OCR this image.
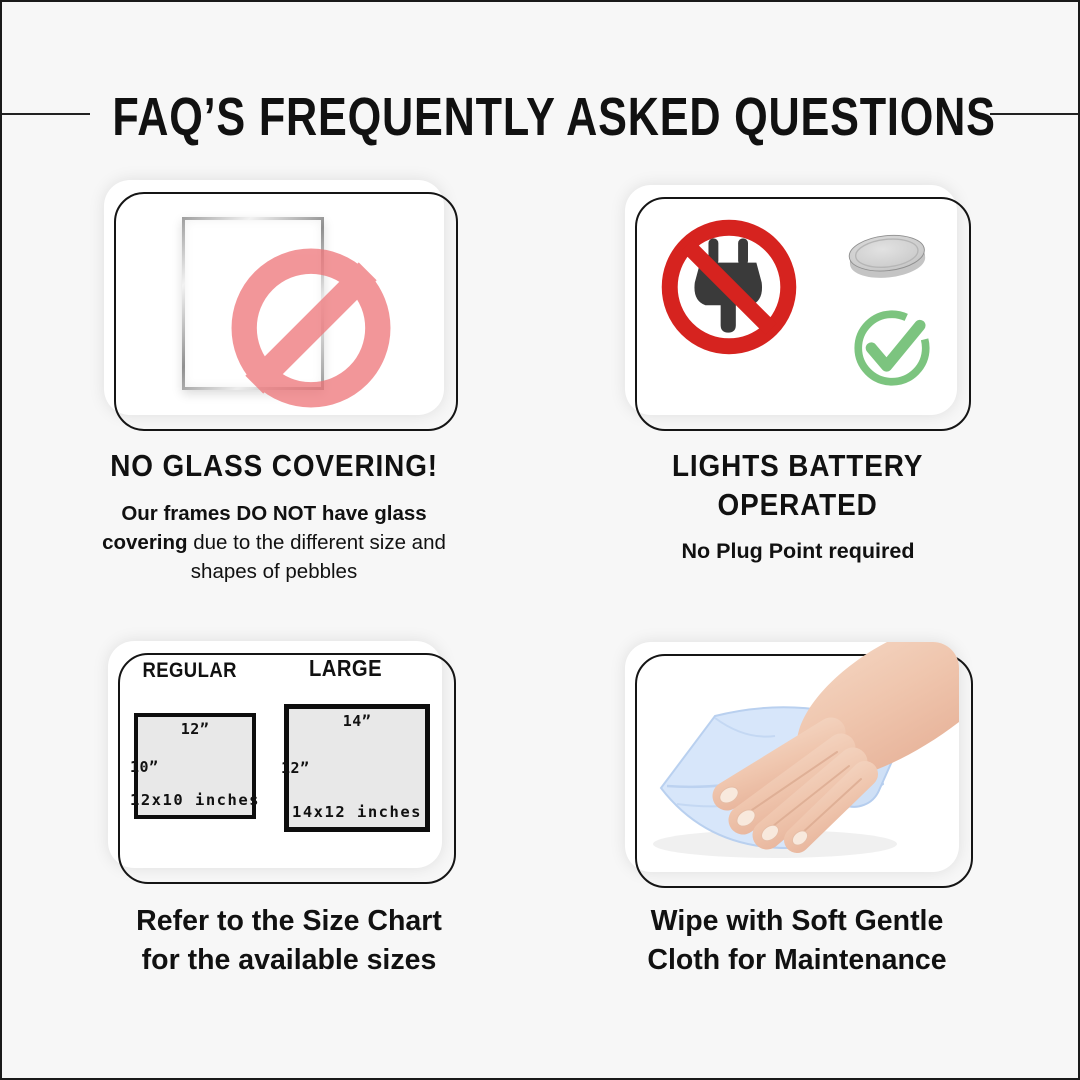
FAQ’S FREQUENTLY ASKED QUESTIONS
NO GLASS COVERING!
Our frames DO NOT have glass
covering due to the different size and
shapes of pebbles
LIGHTS BATTERY
OPERATED
No Plug Point required
REGULAR	LARGE
12”
10”
12x10 inches
14”
12”
14x12 inches
Refer to the Size Chart
for the available sizes
Wipe with Soft Gentle
Cloth for Maintenance
